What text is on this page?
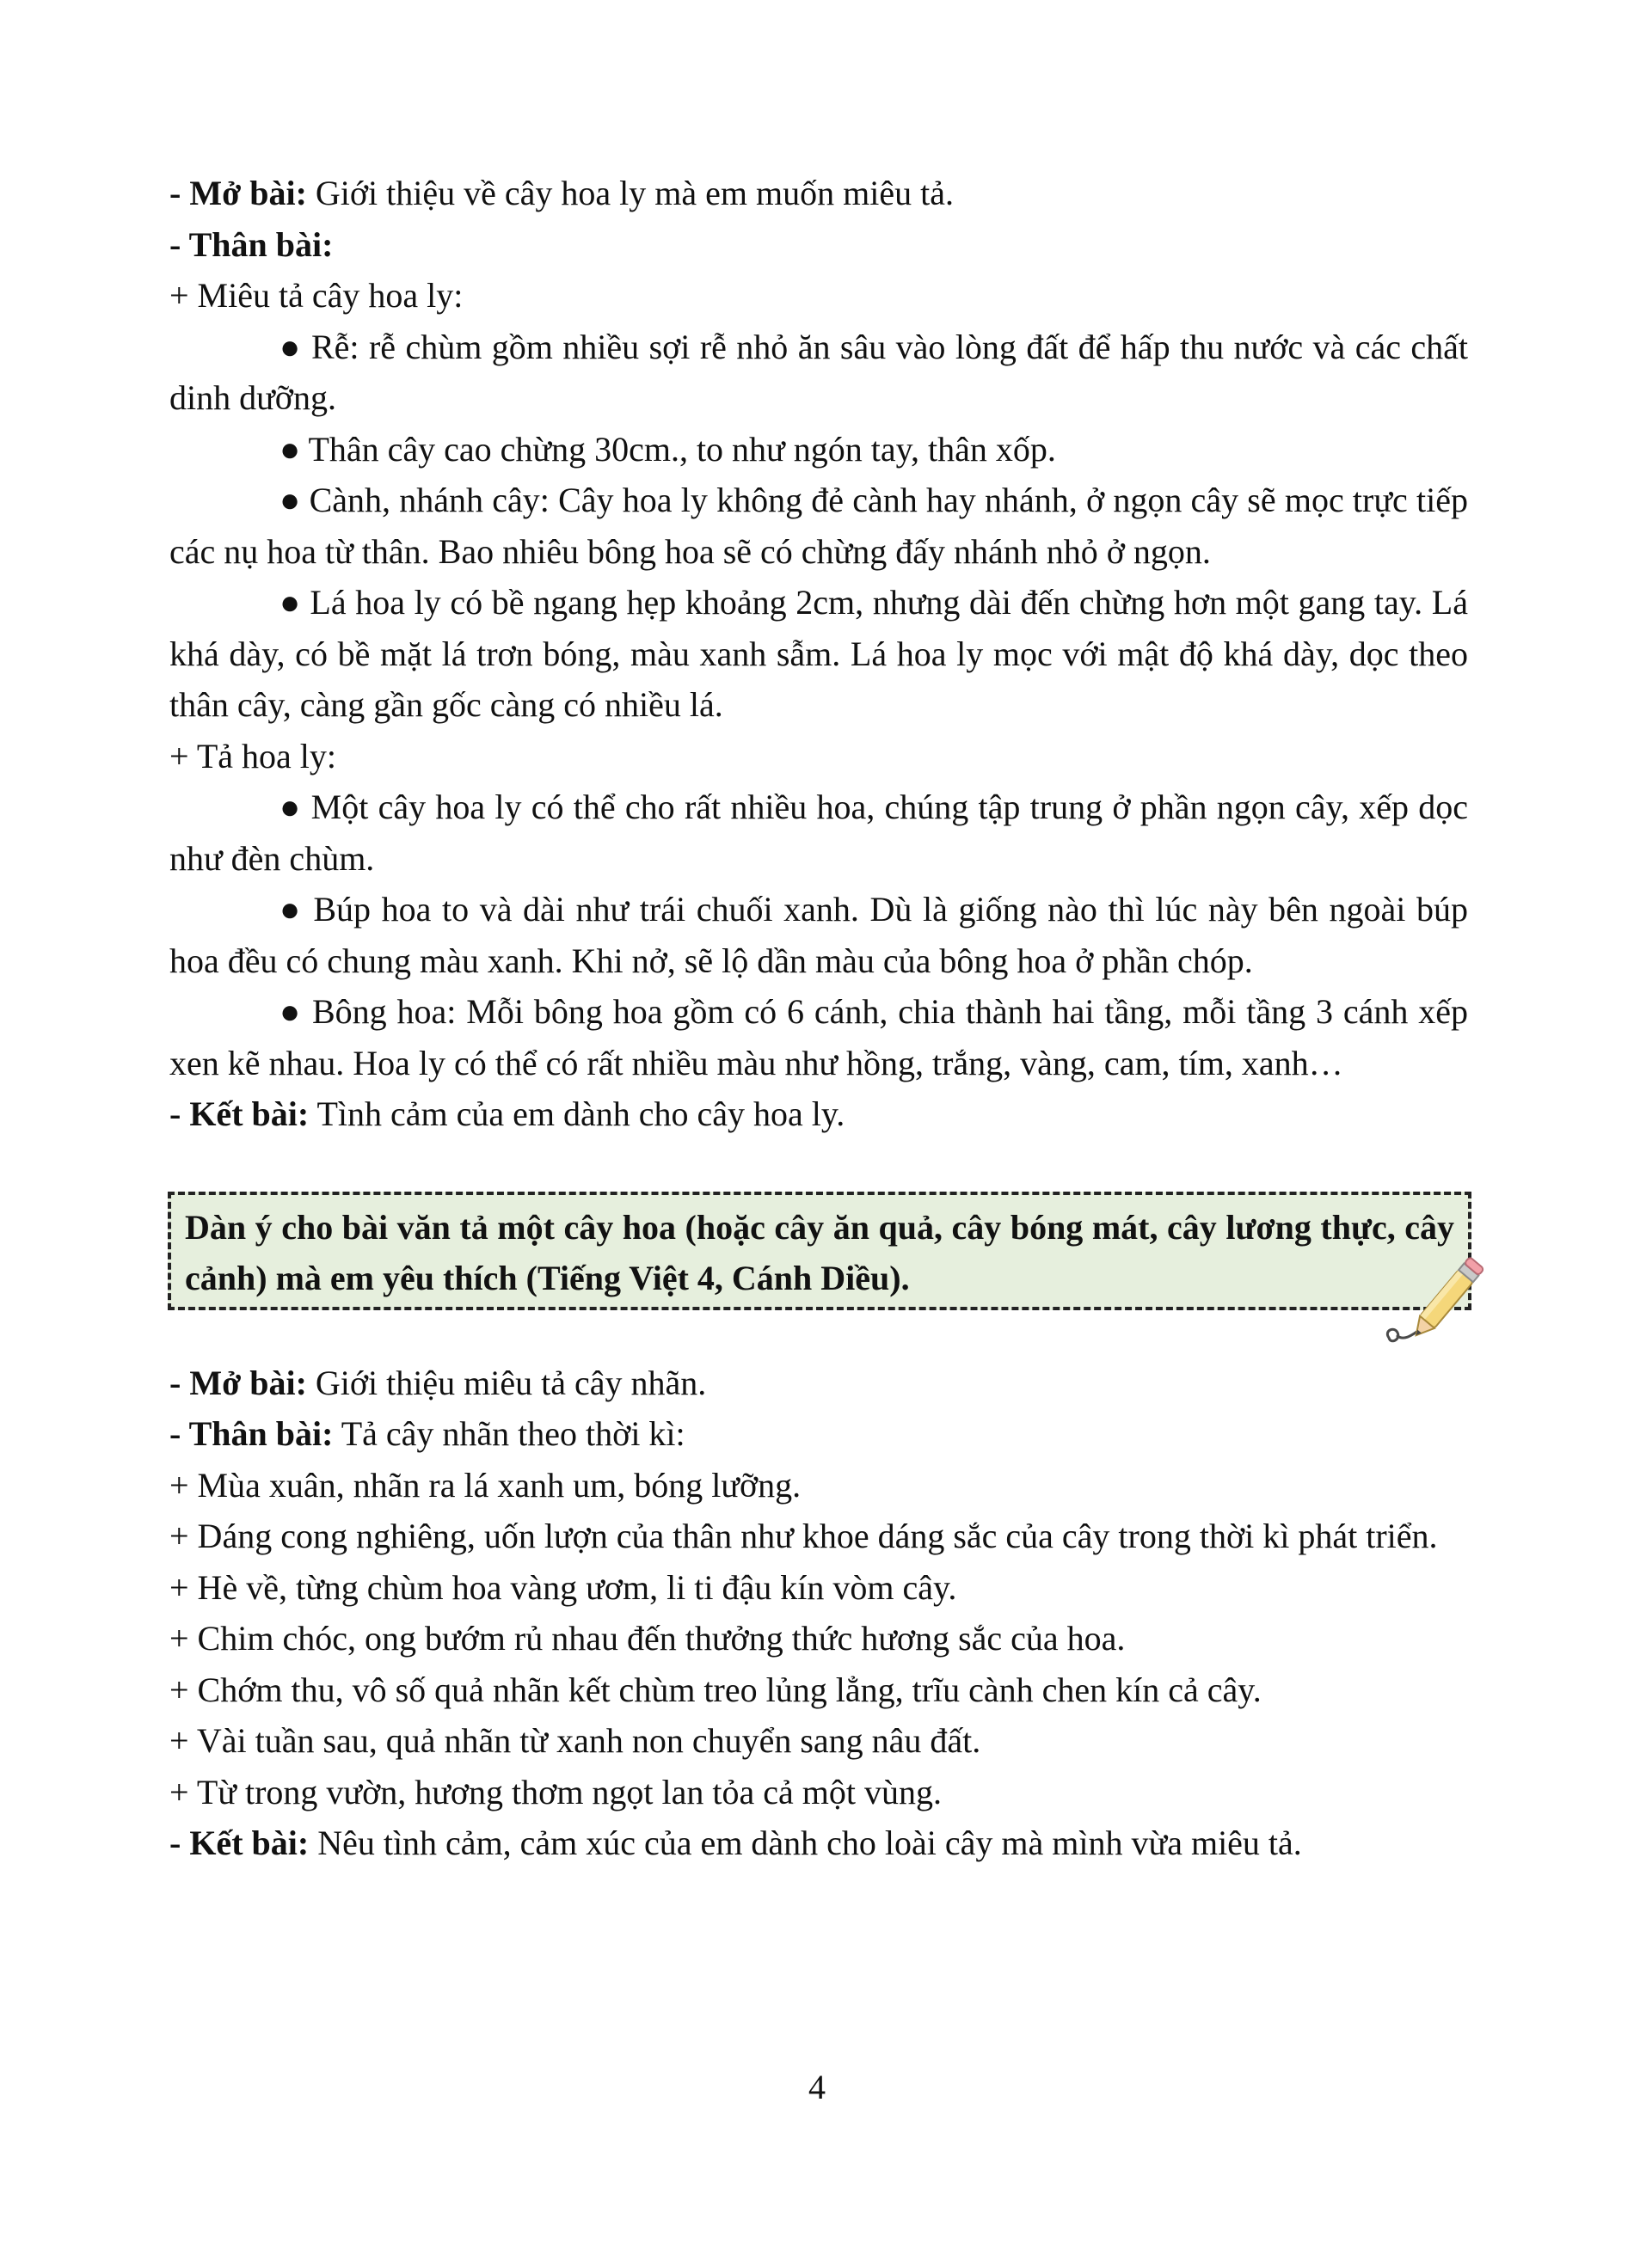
- Mở bài: Giới thiệu về cây hoa ly mà em muốn miêu tả.

- Thân bài:

+ Miêu tả cây hoa ly:

● Rễ: rễ chùm gồm nhiều sợi rễ nhỏ ăn sâu vào lòng đất để hấp thu nước và các chất dinh dưỡng.

● Thân cây cao chừng 30cm., to như ngón tay, thân xốp.

● Cành, nhánh cây: Cây hoa ly không đẻ cành hay nhánh, ở ngọn cây sẽ mọc trực tiếp các nụ hoa từ thân. Bao nhiêu bông hoa sẽ có chừng đấy nhánh nhỏ ở ngọn.

● Lá hoa ly có bề ngang hẹp khoảng 2cm, nhưng dài đến chừng hơn một gang tay. Lá khá dày, có bề mặt lá trơn bóng, màu xanh sẫm. Lá hoa ly mọc với mật độ khá dày, dọc theo thân cây, càng gần gốc càng có nhiều lá.

+ Tả hoa ly:

● Một cây hoa ly có thể cho rất nhiều hoa, chúng tập trung ở phần ngọn cây, xếp dọc như đèn chùm.

● Búp hoa to và dài như trái chuối xanh. Dù là giống nào thì lúc này bên ngoài búp hoa đều có chung màu xanh. Khi nở, sẽ lộ dần màu của bông hoa ở phần chóp.

● Bông hoa: Mỗi bông hoa gồm có 6 cánh, chia thành hai tầng, mỗi tầng 3 cánh xếp xen kẽ nhau. Hoa ly có thể có rất nhiều màu như hồng, trắng, vàng, cam, tím, xanh…

- Kết bài: Tình cảm của em dành cho cây hoa ly.

Dàn ý cho bài văn tả một cây hoa (hoặc cây ăn quả, cây bóng mát, cây lương thực, cây cảnh) mà em yêu thích (Tiếng Việt 4, Cánh Diều).

- Mở bài: Giới thiệu miêu tả cây nhãn.

- Thân bài: Tả cây nhãn theo thời kì:

+ Mùa xuân, nhãn ra lá xanh um, bóng lưỡng.

+ Dáng cong nghiêng, uốn lượn của thân như khoe dáng sắc của cây trong thời kì phát triển.

+ Hè về, từng chùm hoa vàng ươm, li ti đậu kín vòm cây.

+ Chim chóc, ong bướm rủ nhau đến thưởng thức hương sắc của hoa.

+ Chớm thu, vô số quả nhãn kết chùm treo lủng lẳng, trĩu cành chen kín cả cây.

+ Vài tuần sau, quả nhãn từ xanh non chuyển sang nâu đất.

+ Từ trong vườn, hương thơm ngọt lan tỏa cả một vùng.

- Kết bài: Nêu tình cảm, cảm xúc của em dành cho loài cây mà mình vừa miêu tả.

4
